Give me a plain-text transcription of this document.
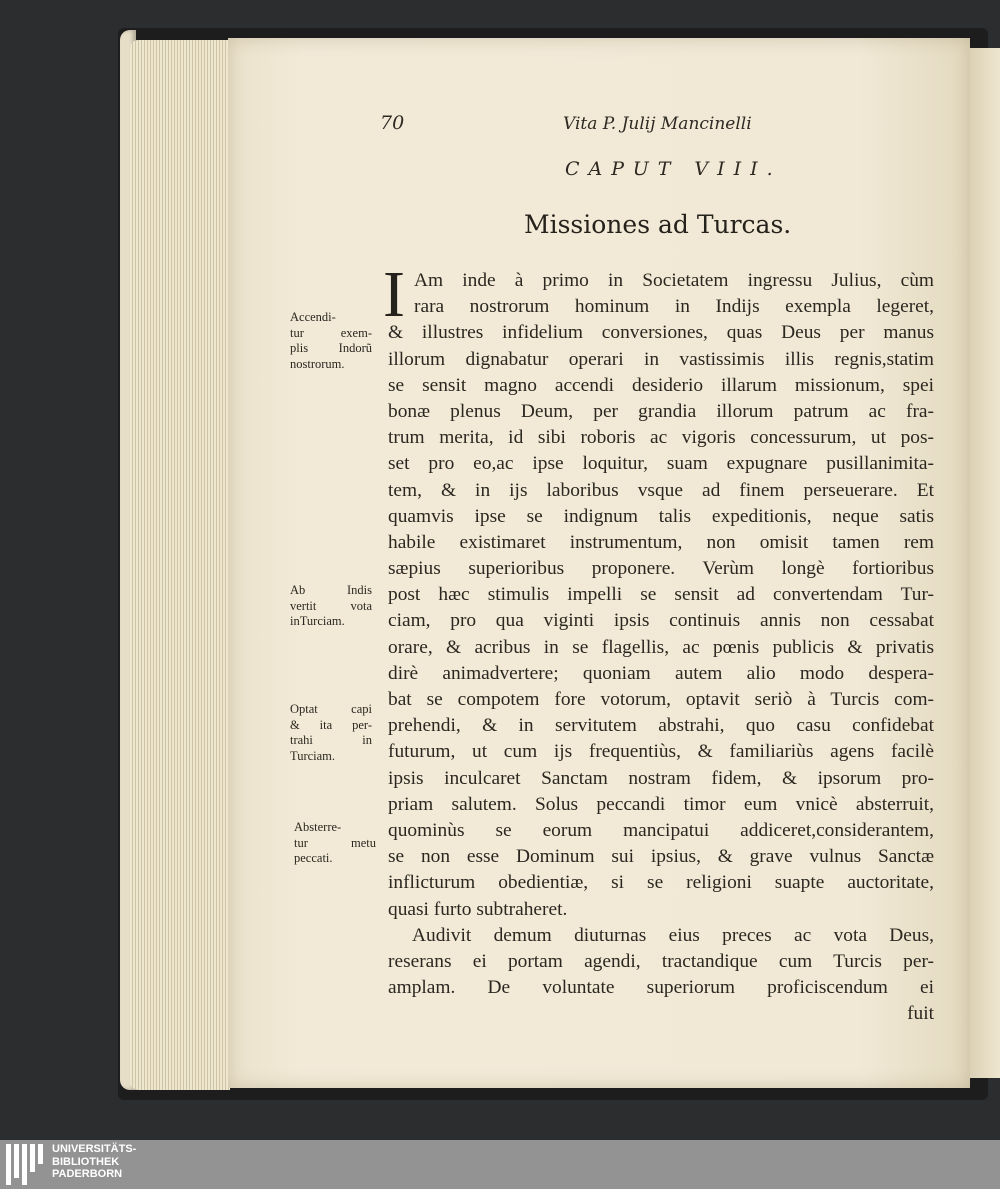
70	Vita P. Julij Mancinelli
CAPUT VIII.
Missiones ad Turcas.
I Am inde à primo in Societatem ingressu Julius, cùm
rara nostrorum hominum in Indijs exempla legeret,
& illustres infidelium conversiones, quas Deus per manus
illorum dignabatur operari in vastissimis illis regnis,statim
se sensit magno accendi desiderio illarum missionum, spei
bonæ plenus Deum, per grandia illorum patrum ac fra-
trum merita, id sibi roboris ac vigoris concessurum, ut pos-
set pro eo,ac ipse loquitur, suam expugnare pusillanimita-
tem, & in ijs laboribus vsque ad finem perseuerare. Et
quamvis ipse se indignum talis expeditionis, neque satis
habile existimaret instrumentum, non omisit tamen rem
sæpius superioribus proponere. Verùm longè fortioribus
post hæc stimulis impelli se sensit ad convertendam Tur-
ciam, pro qua viginti ipsis continuis annis non cessabat
orare, & acribus in se flagellis, ac pœnis publicis & privatis
dirè animadvertere; quoniam autem alio modo despera-
bat se compotem fore votorum, optavit seriò à Turcis com-
prehendi, & in servitutem abstrahi, quo casu confidebat
futurum, ut cum ijs frequentiùs, & familiariùs agens facilè
ipsis inculcaret Sanctam nostram fidem, & ipsorum pro-
priam salutem. Solus peccandi timor eum vnicè absterruit,
quominùs se eorum mancipatui addiceret,considerantem,
se non esse Dominum sui ipsius, & grave vulnus Sanctæ
inflicturum obedientiæ, si se religioni suapte auctoritate,
quasi furto subtraheret.
Audivit demum diuturnas eius preces ac vota Deus,
reserans ei portam agendi, tractandique cum Turcis per-
amplam. De voluntate superiorum proficiscendum ei
fuit
Accendi-
tur exem-
plis Indorũ
nostrorum.
Ab Indis
vertit vota
inTurciam.
Optat capi
& ita per-
trahi in
Turciam.
Absterre-
tur metu
peccati.
UNIVERSITÄTS-
BIBLIOTHEK
PADERBORN
